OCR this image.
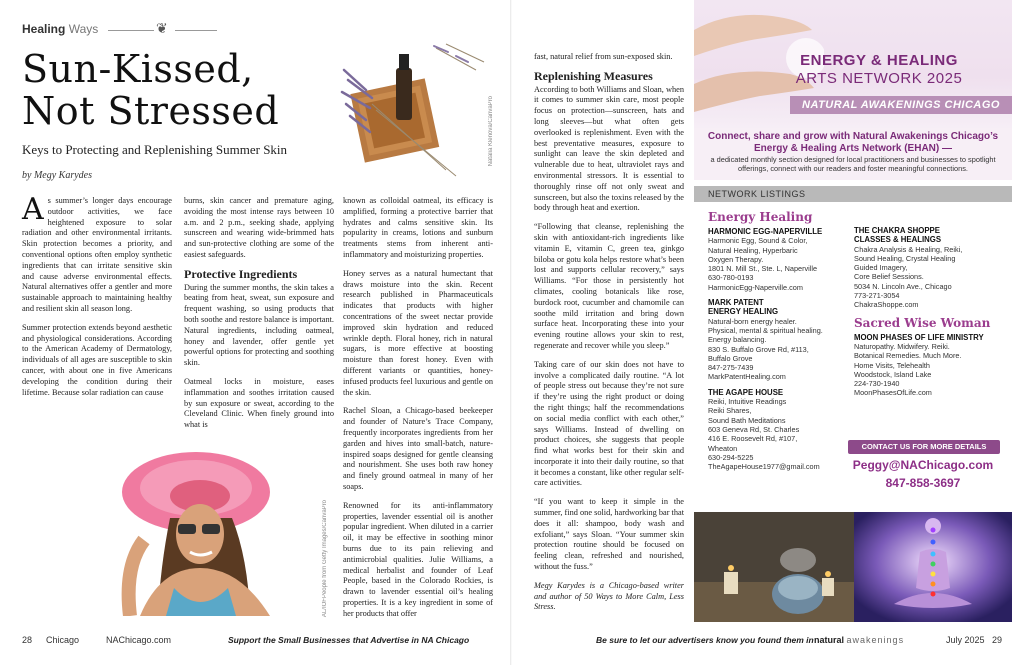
Healing Ways	❦
Sun-Kissed,
Not Stressed
Keys to Protecting and Replenishing Summer Skin
by Megy Karydes
Natalia Klenova/CanvaPro

As summer’s longer days encourage outdoor activities, we face heightened exposure to solar radiation and other environmental irritants. Skin protection becomes a priority, and conventional options often employ synthetic ingredients that can irritate sensitive skin and cause adverse environmental effects. Natural alternatives offer a gentler and more sustainable approach to maintaining healthy and resilient skin all season long.

Summer protection extends beyond aesthetic and physiological considerations. According to the American Academy of Dermatology, individuals of all ages are susceptible to skin cancer, with about one in five Americans developing the condition during their lifetime. Because solar radiation can cause

burns, skin cancer and premature aging, avoiding the most intense rays between 10 a.m. and 2 p.m., seeking shade, applying sunscreen and wearing wide-brimmed hats and sun-protective clothing are some of the easiest safeguards.

Protective Ingredients

During the summer months, the skin takes a beating from heat, sweat, sun exposure and frequent washing, so using products that both soothe and restore balance is important. Natural ingredients, including oatmeal, honey and lavender, offer gentle yet powerful options for protecting and soothing skin.

Oatmeal locks in moisture, eases inflammation and soothes irritation caused by sun exposure or sweat, according to the Cleveland Clinic. When finely ground into what is

known as colloidal oatmeal, its efficacy is amplified, forming a protective barrier that hydrates and calms sensitive skin. Its popularity in creams, lotions and sunburn treatments stems from inherent anti-inflammatory and moisturizing properties.

Honey serves as a natural humectant that draws moisture into the skin. Recent research published in Pharmaceuticals indicates that products with higher concentrations of the sweet nectar provide improved skin hydration and reduced wrinkle depth. Floral honey, rich in natural sugars, is more effective at boosting moisture than forest honey. Even with different variants or quantities, honey-infused products feel luxurious and gentle on the skin.

Rachel Sloan, a Chicago-based beekeeper and founder of Nature’s Trace Company, frequently incorporates ingredients from her garden and hives into small-batch, nature-inspired soaps designed for gentle cleansing and nourishment. She uses both raw honey and finely ground oatmeal in many of her soaps.

Renowned for its anti-inflammatory properties, lavender essential oil is another popular ingredient. When diluted in a carrier oil, it may be effective in soothing minor burns due to its pain relieving and antimicrobial qualities. Julie Williams, a medical herbalist and founder of Leaf People, based in the Colorado Rockies, is drawn to lavender essential oil’s healing properties. It is a key ingredient in some of her products that offer

AL/IOFPeople from Getty Images/CanvaPro
28 Chicago	NAChicago.com	Support the Small Businesses that Advertise in NA Chicago

fast, natural relief from sun-exposed skin.

Replenishing Measures

According to both Williams and Sloan, when it comes to summer skin care, most people focus on protection—sunscreen, hats and long sleeves—but what often gets overlooked is replenishment. Even with the best preventative measures, exposure to sunlight can leave the skin depleted and vulnerable due to heat, ultraviolet rays and environmental stressors. It is essential to thoroughly rinse off not only sweat and sunscreen, but also the toxins released by the body through heat and exertion.

“Following that cleanse, replenishing the skin with antioxidant-rich ingredients like vitamin E, vitamin C, green tea, ginkgo biloba or gotu kola helps restore what’s been lost and supports cellular recovery,” says Williams. “For those in persistently hot climates, cooling botanicals like rose, burdock root, cucumber and chamomile can soothe mild irritation and bring down surface heat. Incorporating these into your evening routine allows your skin to rest, regenerate and recover while you sleep.”

Taking care of our skin does not have to involve a complicated daily routine. “A lot of people stress out because they’re not sure if they’re using the right product or doing the right things; half the recommendations on social media conflict with each other,” says Williams. Instead of dwelling on product choices, she suggests that people find what works best for their skin and incorporate it into their daily routine, so that it becomes a constant, like other regular self-care activities.

“If you want to keep it simple in the summer, find one solid, hardworking bar that does it all: shampoo, body wash and exfoliant,” says Sloan. “Your summer skin protection routine should be focused on feeling clean, refreshed and nourished, without the fuss.”

Megy Karydes is a Chicago-based writer and author of 50 Ways to More Calm, Less Stress.

ENERGY & HEALING
ARTS NETWORK 2025
NATURAL AWAKENINGS CHICAGO
Connect, share and grow with Natural Awakenings Chicago’s Energy & Healing Arts Network (EHAN) —
a dedicated monthly section designed for local practitioners and businesses to spotlight offerings, connect with our readers and foster meaningful connections.
NETWORK LISTINGS
Energy Healing
HARMONIC EGG-NAPERVILLE
Harmonic Egg, Sound & Color,
Natural Healing, Hyperbaric
Oxygen Therapy.
1801 N. Mill St., Ste. L, Naperville
630-780-0193
HarmonicEgg-Naperville.com
MARK PATENT
ENERGY HEALING
Natural-born energy healer.
Physical, mental & spiritual healing.
Energy balancing.
830 S. Buffalo Grove Rd, #113,
Buffalo Grove
847-275-7439
MarkPatentHealing.com
THE AGAPE HOUSE
Reiki, Intuitive Readings
Reiki Shares,
Sound Bath Meditations
603 Geneva Rd, St. Charles
416 E. Roosevelt Rd, #107,
Wheaton
630-294-5225
TheAgapeHouse1977@gmail.com
THE CHAKRA SHOPPE
CLASSES & HEALINGS
Chakra Analysis & Healing, Reiki,
Sound Healing, Crystal Healing
Guided Imagery,
Core Belief Sessions.
5034 N. Lincoln Ave., Chicago
773-271-3054
ChakraShoppe.com
Sacred Wise Woman
MOON PHASES OF LIFE MINISTRY
Naturopathy. Midwifery. Reiki.
Botanical Remedies. Much More.
Home Visits, Telehealth
Woodstock, Island Lake
224-730-1940
MoonPhasesOfLife.com
CONTACT US FOR MORE DETAILS
Peggy@NAChicago.com
847-858-3697
Be sure to let our advertisers know you found them in natural awakenings	July 2025 29
